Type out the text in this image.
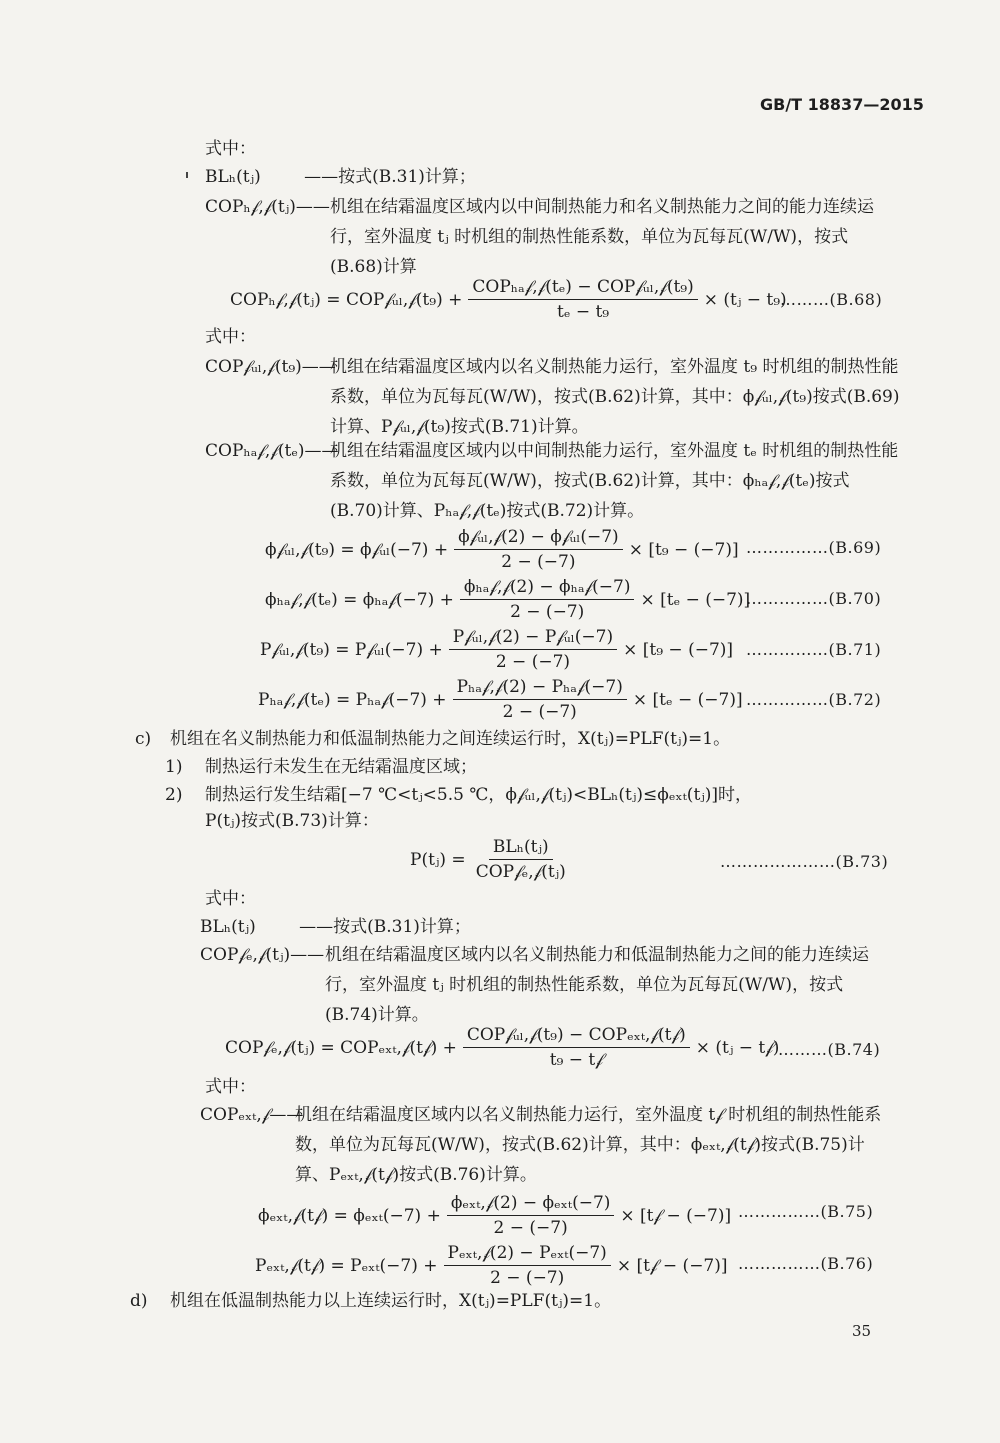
GB/T 18837—2015
式中：
BLₕ(tⱼ)	——按式(B.31)计算；
COPₕ𝒻,𝒻(tⱼ)—— 机组在结霜温度区域内以中间制热能力和名义制热能力之间的能力连续运行，室外温度 tⱼ 时机组的制热性能系数，单位为瓦每瓦(W/W)，按式(B.68)计算
COPₕ𝒻,𝒻(tⱼ) = COP𝒻ᵤₗ,𝒻(t₉) + $\frac{\text{COPₕₐ𝒻,𝒻(tₑ) − COP𝒻ᵤₗ,𝒻(t₉)}}{\text{tₑ − t₉}}$ × (tⱼ − t₉)
………(B.68)
式中：
COP𝒻ᵤₗ,𝒻(t₉)——
机组在结霜温度区域内以名义制热能力运行，室外温度 t₉ 时机组的制热性能系数，单位为瓦每瓦(W/W)，按式(B.62)计算，其中：ϕ𝒻ᵤₗ,𝒻(t₉)按式(B.69)计算、P𝒻ᵤₗ,𝒻(t₉)按式(B.71)计算。
COPₕₐ𝒻,𝒻(tₑ)——
机组在结霜温度区域内以中间制热能力运行，室外温度 tₑ 时机组的制热性能系数，单位为瓦每瓦(W/W)，按式(B.62)计算，其中：ϕₕₐ𝒻,𝒻(tₑ)按式(B.70)计算、Pₕₐ𝒻,𝒻(tₑ)按式(B.72)计算。
ϕ𝒻ᵤₗ,𝒻(t₉) = ϕ𝒻ᵤₗ(−7) + $\frac{\text{ϕ𝒻ᵤₗ,𝒻(2) − ϕ𝒻ᵤₗ(−7)}}{2 - (-7)} \times [t_9 - (-7)]$ ……………(B.69)
ϕₕₐ𝒻,𝒻(tₑ) = ϕₕₐ𝒻(−7) + $\frac{\text{ϕₕₐ𝒻,𝒻(2) − ϕₕₐ𝒻(−7)}}{2 - (-7)} \times [t_e - (-7)]$
……………(B.70)
P𝒻ᵤₗ,𝒻(t₉) = P𝒻ᵤₗ(−7) + $\frac{\text{P𝒻ᵤₗ,𝒻(2) − P𝒻ᵤₗ(−7)}}{2 - (-7)} \times [t_9 - (-7)]$ ……………(B.71)
Pₕₐ𝒻,𝒻(tₑ) = Pₕₐ𝒻(−7) + $\frac{\text{Pₕₐ𝒻,𝒻(2) − Pₕₐ𝒻(−7)}}{2 - (-7)} \times [t_e - (-7)]$ ……………(B.72)
c) 机组在名义制热能力和低温制热能力之间连续运行时，X(tⱼ)=PLF(tⱼ)=1。
1) 制热运行未发生在无结霜温度区域；
2) 制热运行发生结霜[−7 ℃<tⱼ<5.5 ℃，ϕ𝒻ᵤₗ,𝒻(tⱼ)<BLₕ(tⱼ)≤ϕₑₓₜ(tⱼ)]时，
P(tⱼ)按式(B.73)计算：
P(tⱼ) = $\frac{\text{BLₕ(tⱼ)}}{\text{COP𝒻ₑ,𝒻(tⱼ)}}$	…………………(B.73)
式中：
BLₕ(tⱼ)	——按式(B.31)计算；
COP𝒻ₑ,𝒻(tⱼ)—— 机组在结霜温度区域内以名义制热能力和低温制热能力之间的能力连续运行，室外温度 tⱼ 时机组的制热性能系数，单位为瓦每瓦(W/W)，按式(B.74)计算。
COP𝒻ₑ,𝒻(tⱼ) = COPₑₓₜ,𝒻(t𝒻) + $\frac{\text{COP𝒻ᵤₗ,𝒻(t₉) − COPₑₓₜ,𝒻(t𝒻)}}{\text{t₉ − t𝒻}}$ × (tⱼ − t𝒻)
………(B.74)
式中：
COPₑₓₜ,𝒻——
机组在结霜温度区域内以名义制热能力运行，室外温度 t𝒻 时机组的制热性能系数，单位为瓦每瓦(W/W)，按式(B.62)计算，其中：ϕₑₓₜ,𝒻(t𝒻)按式(B.75)计算、Pₑₓₜ,𝒻(t𝒻)按式(B.76)计算。
ϕₑₓₜ,𝒻(t𝒻) = $\phi_{ext}(-7) + \frac{\text{ϕₑₓₜ,𝒻(2) − ϕₑₓₜ(−7)}}{2 - (-7)}$ × [t𝒻 − (−7)] ……………(B.75)
Pₑₓₜ,𝒻(t𝒻) = $P_{ext}(-7) + \frac{\text{Pₑₓₜ,𝒻(2) − Pₑₓₜ(−7)}}{2 - (-7)}$ × [t𝒻 − (−7)] ……………(B.76)
d) 机组在低温制热能力以上连续运行时，X(tⱼ)=PLF(tⱼ)=1。
35
